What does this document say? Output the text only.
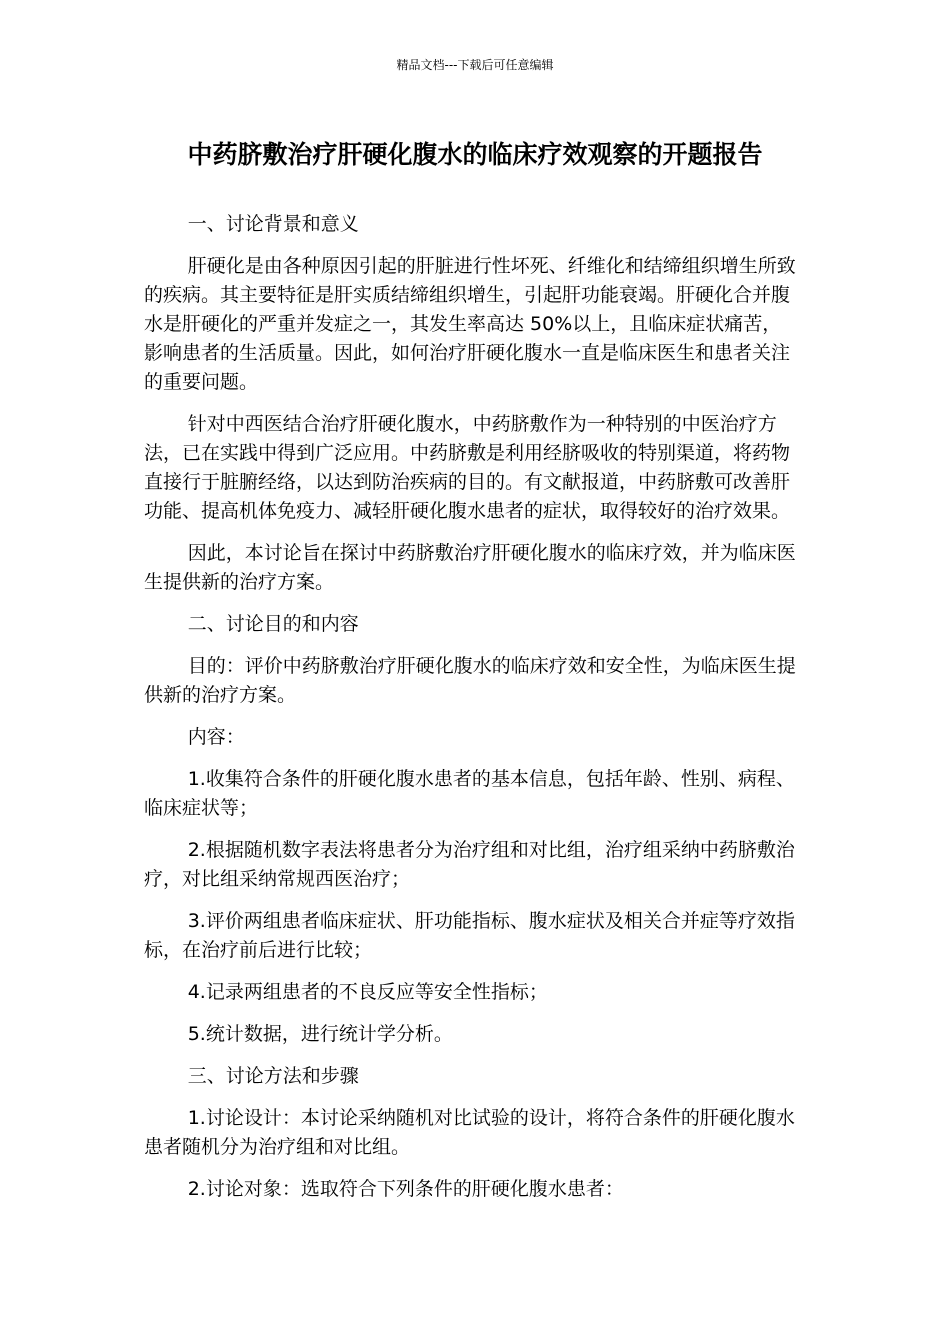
精品文档---下载后可任意编辑
中药脐敷治疗肝硬化腹水的临床疗效观察的开题报告
一、讨论背景和意义

肝硬化是由各种原因引起的肝脏进行性坏死、纤维化和结缔组织增生所致的疾病。其主要特征是肝实质结缔组织增生，引起肝功能衰竭。肝硬化合并腹水是肝硬化的严重并发症之一，其发生率高达 50%以上，且临床症状痛苦，影响患者的生活质量。因此，如何治疗肝硬化腹水一直是临床医生和患者关注的重要问题。

针对中西医结合治疗肝硬化腹水，中药脐敷作为一种特别的中医治疗方法，已在实践中得到广泛应用。中药脐敷是利用经脐吸收的特别渠道，将药物直接行于脏腑经络，以达到防治疾病的目的。有文献报道，中药脐敷可改善肝功能、提高机体免疫力、减轻肝硬化腹水患者的症状，取得较好的治疗效果。

因此，本讨论旨在探讨中药脐敷治疗肝硬化腹水的临床疗效，并为临床医生提供新的治疗方案。

二、讨论目的和内容

目的：评价中药脐敷治疗肝硬化腹水的临床疗效和安全性，为临床医生提供新的治疗方案。

内容：

1.收集符合条件的肝硬化腹水患者的基本信息，包括年龄、性别、病程、临床症状等；

2.根据随机数字表法将患者分为治疗组和对比组，治疗组采纳中药脐敷治疗，对比组采纳常规西医治疗；

3.评价两组患者临床症状、肝功能指标、腹水症状及相关合并症等疗效指标，在治疗前后进行比较；

4.记录两组患者的不良反应等安全性指标；

5.统计数据，进行统计学分析。

三、讨论方法和步骤

1.讨论设计：本讨论采纳随机对比试验的设计，将符合条件的肝硬化腹水患者随机分为治疗组和对比组。

2.讨论对象：选取符合下列条件的肝硬化腹水患者：
